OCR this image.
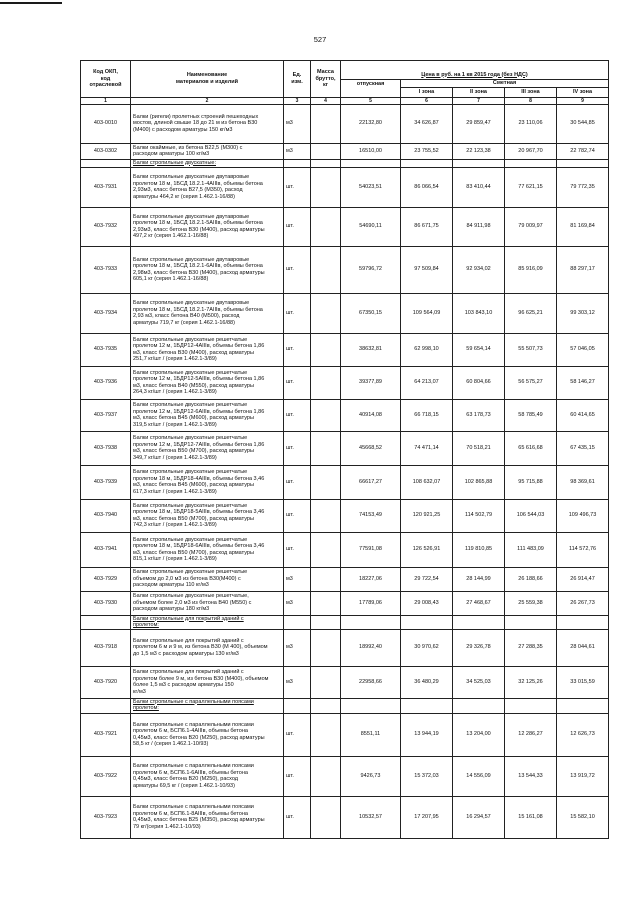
527
Код ОКП,
код
отраслевой	Наименование
материалов и изделий	Ед.
изм.	Масса
брутто,
кг	Цена в руб. на 1 кв 2015 года (без НДС)				
				отпускная	Сметная			
					I зона	II зона	III зона	IV зона
1	2	3	4	5	6	7	8	9
403-0010	Балки (ригели) пролетных строений пешеходных
мостов, длиной свыше 18 до 21 м из бетона В30
(М400) с расходом арматуры 150 кг/м3	м3		22132,80	34 626,87	29 859,47	23 110,06	30 544,85
403-0302	Балки окаймные, из бетона В22,5 (М300) с
расходом арматуры 100 кг/м3	м3		16510,00	23 755,52	22 123,38	20 967,70	22 782,74
	Балки стропильные двускатные:							
403-7931	Балки стропильные двускатные двутавровые
пролетом 18 м, 1БСД 18.2.1-4АIIIв, объемы бетона
2,93м3, класс бетона В27,5 (М350), расход
арматуры 464,2 кг (серия 1.462.1-16/88)	шт.		54023,51	86 066,54	83 410,44	77 621,15	79 772,35
403-7932	Балки стропильные двускатные двутавровые
пролетом 18 м, 1БСД 18.2.1-5АIIIв, объемы бетона
2,93м3, класс бетона В30 (М400), расход арматуры
497,2 кг (серия 1.462.1-16/88)	шт.		54690,11	86 671,75	84 911,98	79 009,97	81 169,84
403-7933	Балки стропильные двускатные двутавровые
пролетом 18 м, 1БСД 18.2.1-6АIIIв, объемы бетона
2,98м3, класс бетона В30 (М400), расход арматуры
605,1 кг (серия 1.462.1-16/88)	шт.		59796,72	97 509,84	92 934,02	85 916,09	88 297,17
403-7934	Балки стропильные двускатные двутавровые
пролетом 18 м, 1БСД 18.2.1-7АIIIв, объемы бетона
2,93 м3, класс бетона В40 (М500), расход
арматуры 719,7 кг (серия 1.462.1-16/88)	шт.		67350,15	109 564,09	103 843,10	96 625,21	99 303,12
403-7935	Балки стропильные двускатные решетчатые
пролетом 12 м, 1БДР12-4АIIIв, объемы бетона 1,86
м3, класс бетона В30 (М400), расход арматуры
251,7 кг/шт / (серия 1.462.1-3/89)	шт.		38632,81	62 998,10	59 654,14	55 507,73	57 046,05
403-7936	Балки стропильные двускатные решетчатые
пролетом 12 м, 1БДР12-5АIIIв, объемы бетона 1,86
м3, класс бетона В40 (М550), расход арматуры
264,3 кг/шт / (серия 1.462.1-3/89)	шт.		39377,89	64 213,07	60 804,66	56 575,27	58 146,27
403-7937	Балки стропильные двускатные решетчатые
пролетом 12 м, 1БДР12-6АIIIв, объемы бетона 1,86
м3, класс бетона В45 (М600), расход арматуры
319,5 кг/шт / (серия 1.462.1-3/89)	шт.		40914,08	66 718,15	63 178,73	58 785,49	60 414,65
403-7938	Балки стропильные двускатные решетчатые
пролетом 12 м, 1БДР12-7АIIIв, объемы бетона 1,86
м3, класс бетона В50 (М700), расход арматуры
349,7 кг/шт / (серия 1.462.1-3/89)	шт.		45668,52	74 471,14	70 518,21	65 616,68	67 435,15
403-7939	Балки стропильные двускатные решетчатые
пролетом 18 м, 1БДР18-4АIIIв, объемы бетона 3,46
м3, класс бетона В45 (М600), расход арматуры
617,3 кг/шт / (серия 1.462.1-3/89)	шт.		66617,27	108 632,07	102 865,88	95 715,88	98 369,61
403-7940	Балки стропильные двускатные решетчатые
пролетом 18 м, 1БДР18-5АIIIв, объемы бетона 3,46
м3, класс бетона В50 (М700), расход арматуры
742,3 кг/шт / (серия 1.462.1-3/89)	шт.		74153,49	120 921,25	114 502,79	106 544,03	109 496,73
403-7941	Балки стропильные двускатные решетчатые
пролетом 18 м, 1БДР18-6АIIIв, объемы бетона 3,46
м3, класс бетона В50 (М700), расход арматуры
815,1 кг/шт / (серия 1.462.1-3/89)	шт.		77591,08	126 526,91	119 810,85	111 483,09	114 572,76
403-7929	Балки стропильные двускатные решетчатые
объемом до 2,0 м3 из бетона В30(М400) с
расходом арматуры 110 кг/м3	м3		18227,06	29 722,54	28 144,99	26 188,66	26 914,47
403-7930	Балки стропильные двускатные решетчатые,
объемом более 2,0 м3 из бетона В40 (М550) с
расходом арматуры 180 кг/м3	м3		17789,06	29 008,43	27 468,67	25 559,38	26 267,73
	Балки стропильные для покрытий зданий с
пролетом:							
403-7918	Балки стропильные для покрытий зданий с
пролетом 6 м и 9 м, из бетона В30 (М 400), объемом
до 1,5 м3 с расходом арматуры 130 кг/м3	м3		18992,40	30 970,62	29 326,78	27 288,35	28 044,61
403-7920	Балки стропильные для покрытий зданий с
пролетом более 9 м, из бетона В30 (М400), объемом
более 1,5 м3 с расходом арматуры 150
кг/м3	м3		22958,66	36 480,29	34 525,03	32 125,26	33 015,59
	Балки стропильные с параллельными поясами
пролетом:							
403-7921	Балки стропильные с параллельными поясами
пролетом 6 м, БСП6.1-4АIIIв, объемы бетона
0,45м3, класс бетона В20 (М250), расход арматуры
58,5 кг / (серия 1.462.1-10/93)	шт.		8551,11	13 944,19	13 204,00	12 286,27	12 626,73
403-7922	Балки стропильные с параллельными поясами
пролетом 6 м, БСП6.1-6АIIIв, объемы бетона
0,45м3, класс бетона В20 (М250), расход
арматуры 69,5 кг / (серия 1.462.1-10/93)	шт.		9426,73	15 372,03	14 556,09	13 544,33	13 919,72
403-7923	Балки стропильные с параллельными поясами
пролетом 6 м, БСП6.1-8АIIIв, объемы бетона
0,45м3, класс бетона В25 (М350), расход арматуры
79 кг/(серия 1.462.1-10/93)	шт.		10532,57	17 207,95	16 294,57	15 161,08	15 582,10
